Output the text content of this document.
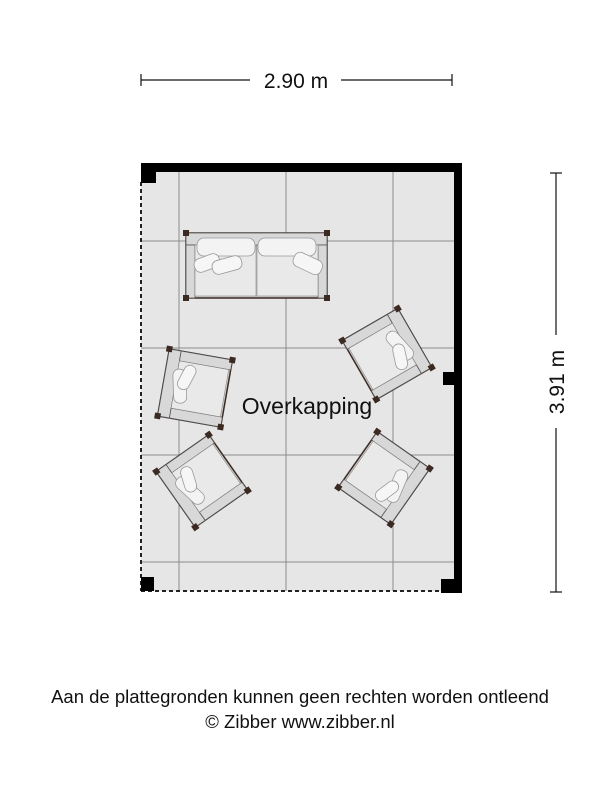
2.90 m
3.91 m
Overkapping
Aan de plattegronden kunnen geen rechten worden ontleend
© Zibber www.zibber.nl
